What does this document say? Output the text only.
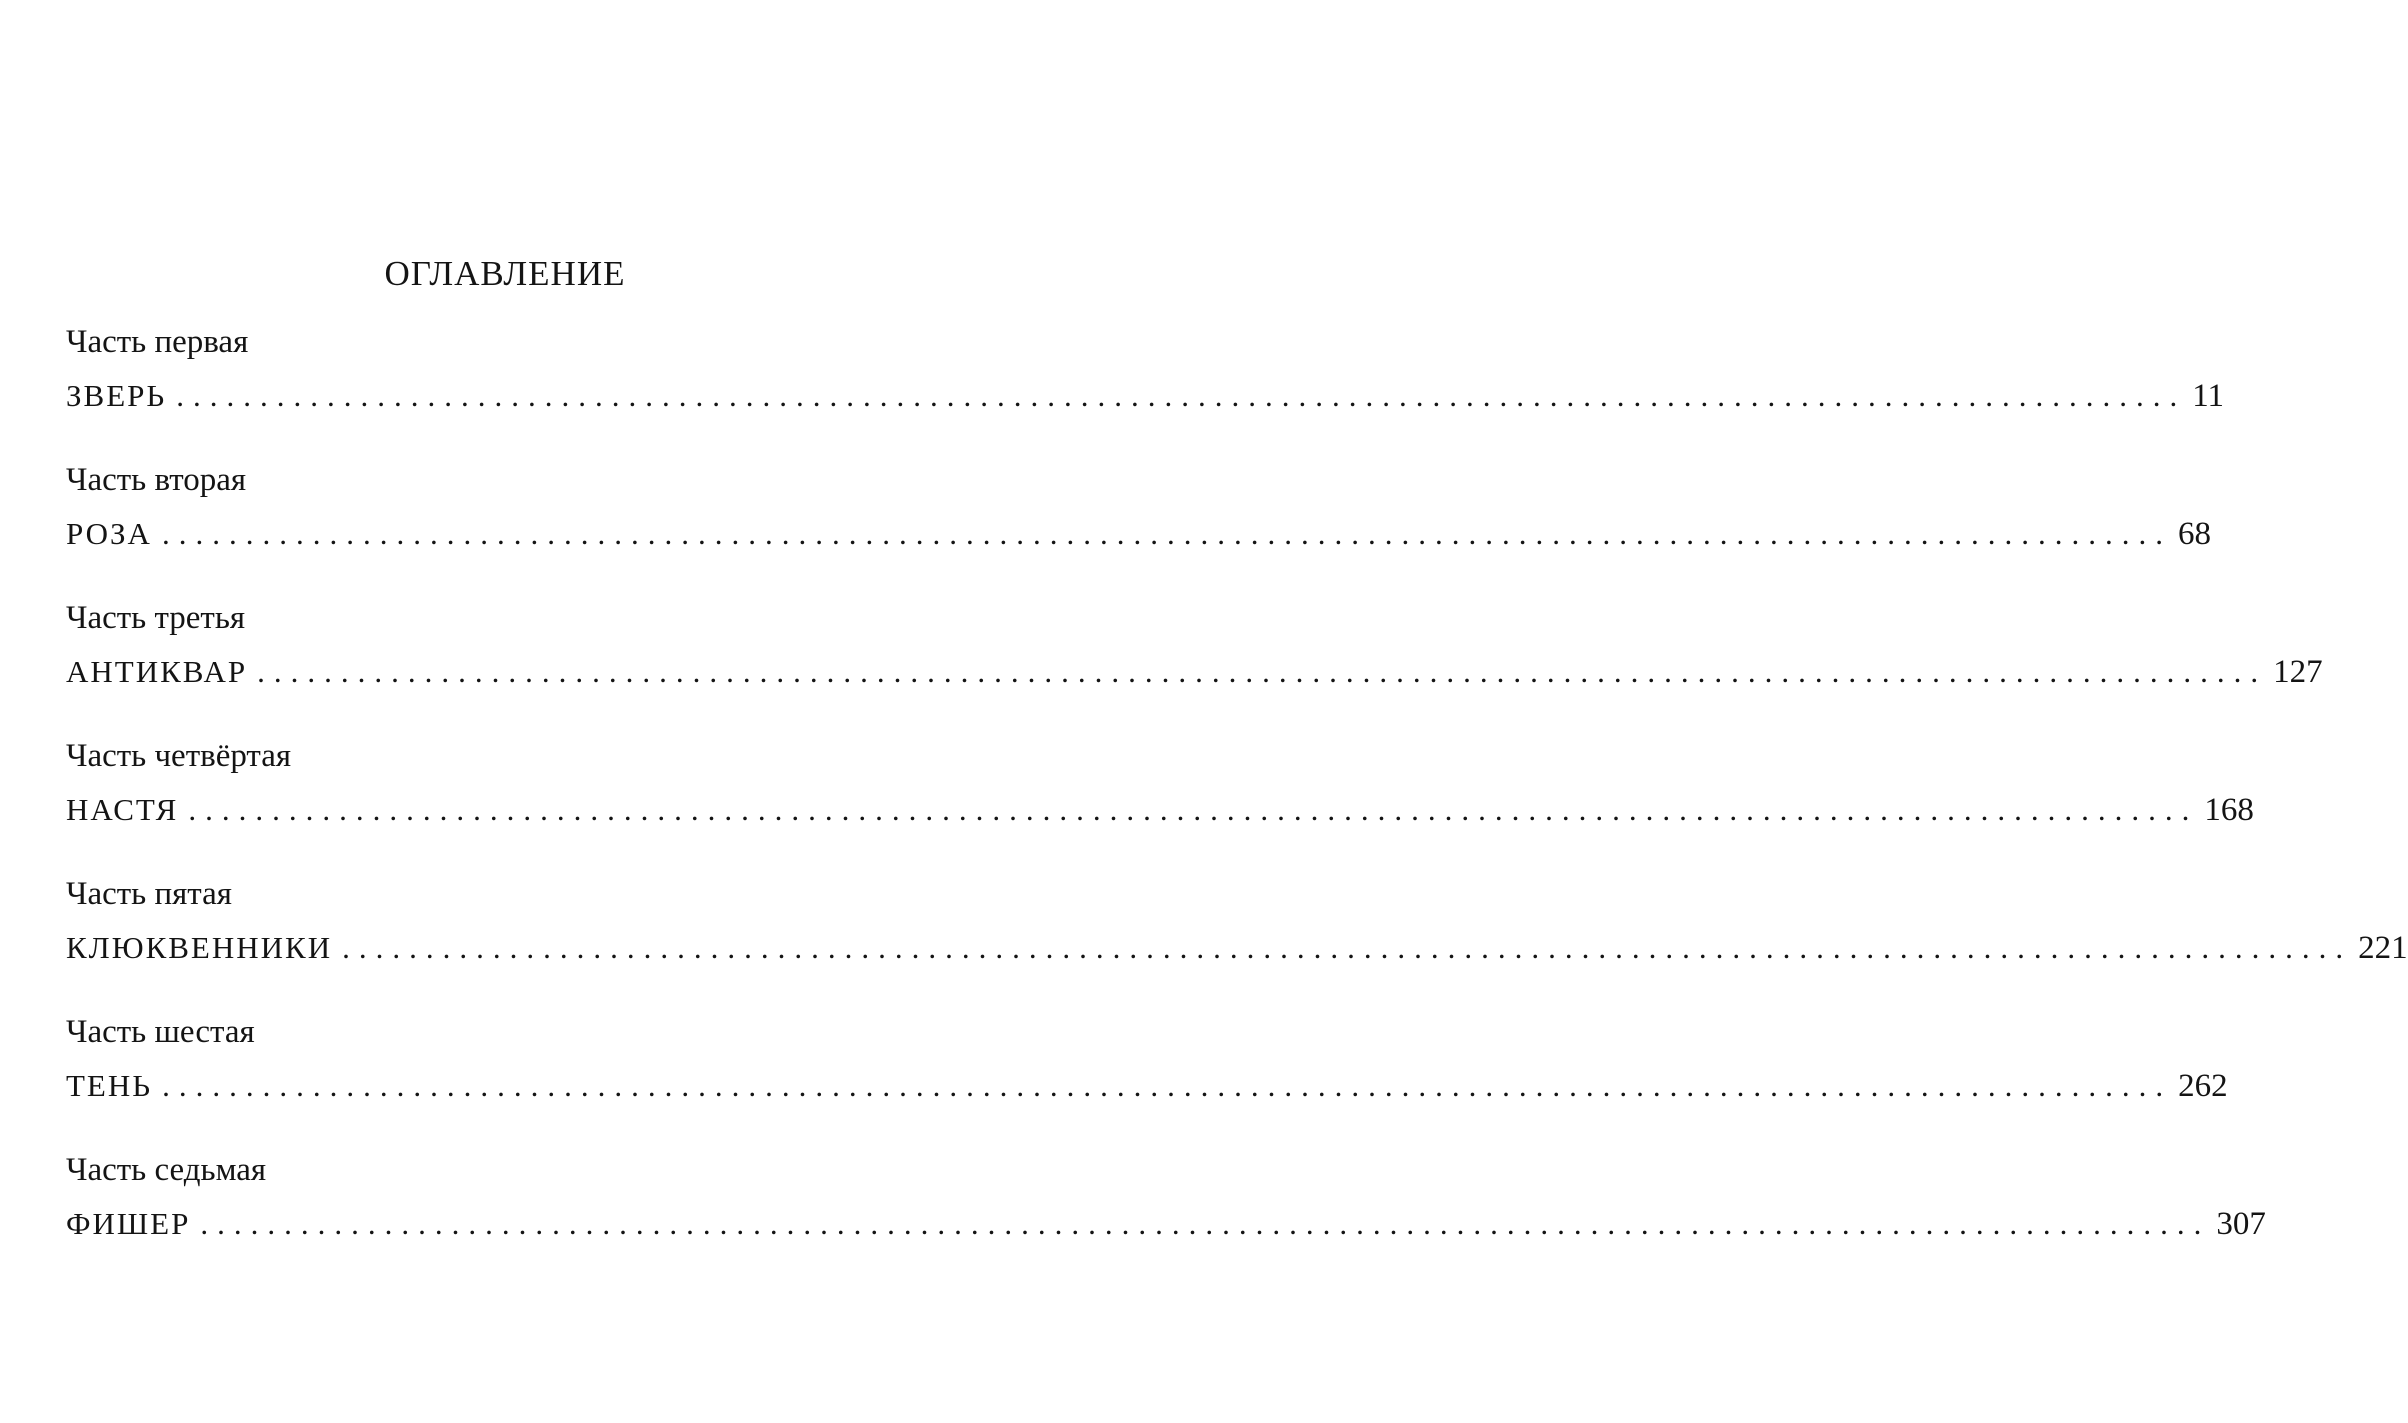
ОГЛАВЛЕНИЕ
Часть первая
ЗВЕРЬ ........................................................................................................................ 11
Часть вторая
РОЗА ........................................................................................................................ 68
Часть третья
АНТИКВАР ........................................................................................................................ 127
Часть четвёртая
НАСТЯ ........................................................................................................................ 168
Часть пятая
КЛЮКВЕННИКИ ........................................................................................................................ 221
Часть шестая
ТЕНЬ ........................................................................................................................ 262
Часть седьмая
ФИШЕР ........................................................................................................................ 307
